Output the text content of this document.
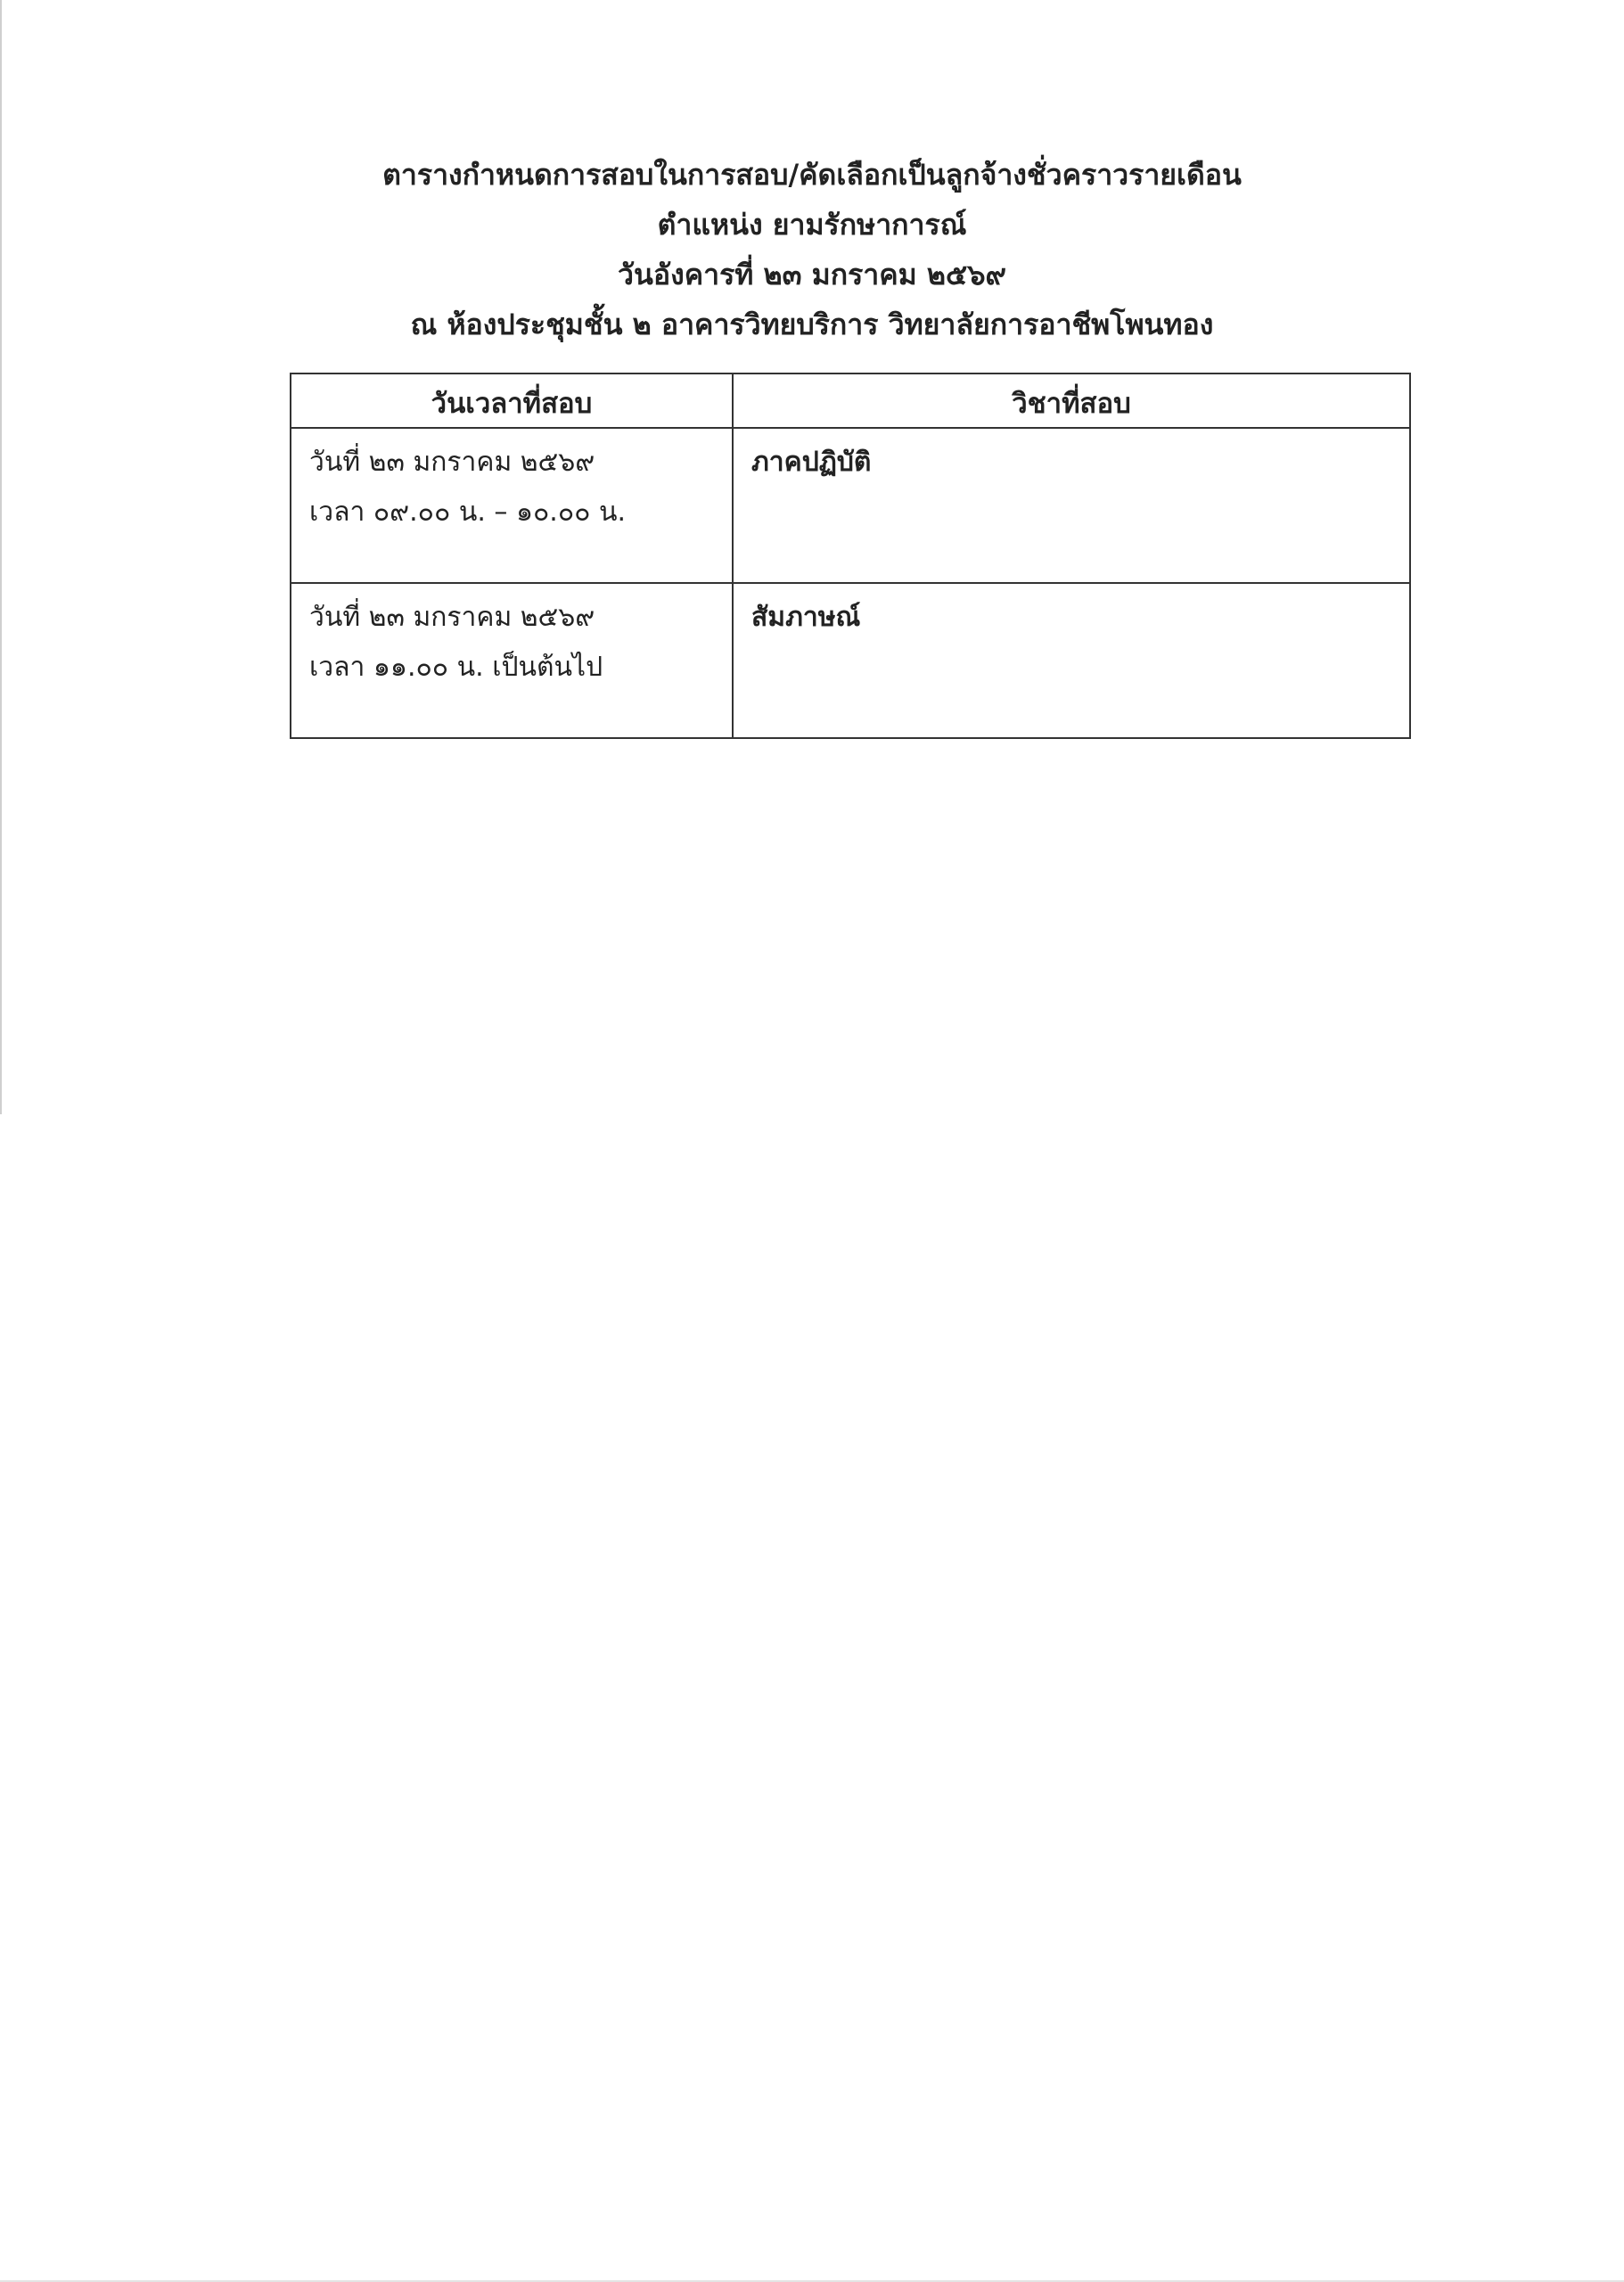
ตารางกำหนดการสอบในการสอบ/คัดเลือกเป็นลูกจ้างชั่วคราวรายเดือน
ตำแหน่ง ยามรักษาการณ์
วันอังคารที่ ๒๓ มกราคม ๒๕๖๙
ณ ห้องประชุมชั้น ๒ อาคารวิทยบริการ วิทยาลัยการอาชีพโพนทอง
วันเวลาที่สอบ	วิชาที่สอบ

วันที่ ๒๓ มกราคม ๒๕๖๙
เวลา ๐๙.๐๐ น. – ๑๐.๐๐ น.	ภาคปฏิบัติ

วันที่ ๒๓ มกราคม ๒๕๖๙
เวลา ๑๑.๐๐ น. เป็นต้นไป	สัมภาษณ์
